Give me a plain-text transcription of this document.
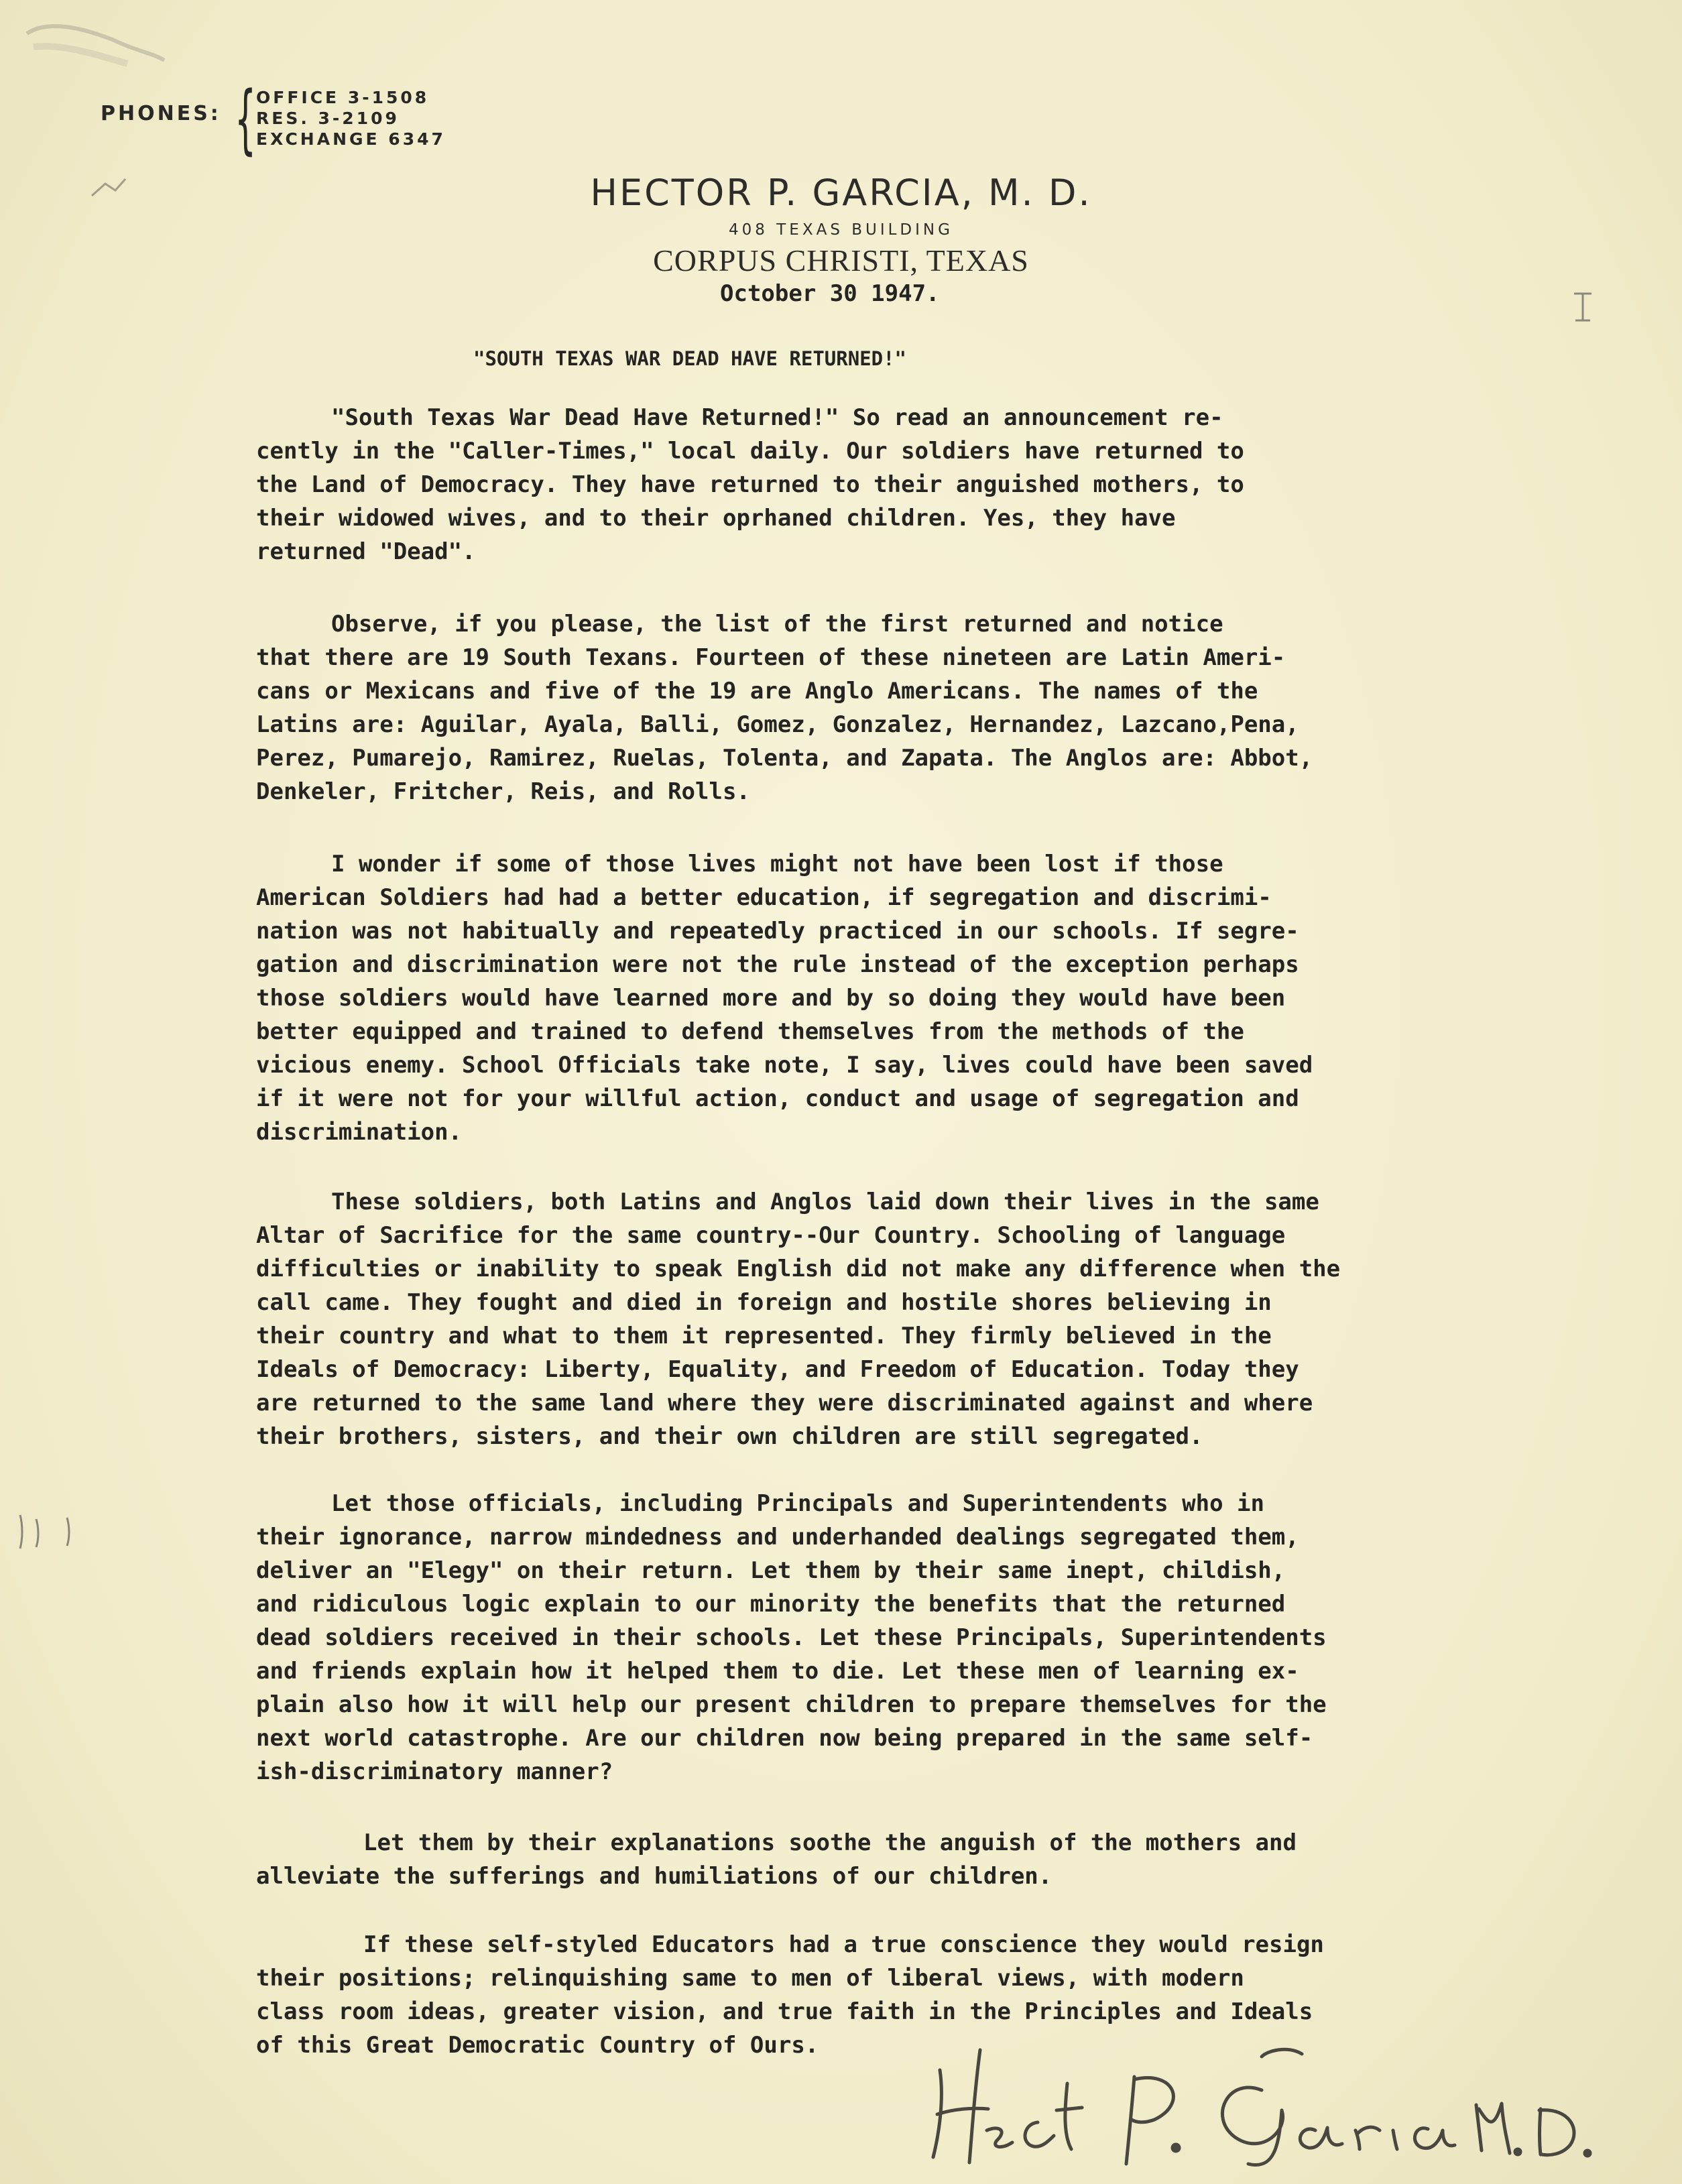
PHONES: { OFFICE 3-1508
RES. 3-2109
EXCHANGE 6347
HECTOR P. GARCIA, M. D.
408 TEXAS BUILDING
CORPUS CHRISTI, TEXAS
October 30 1947.
"SOUTH TEXAS WAR DEAD HAVE RETURNED!"
"South Texas War Dead Have Returned!" So read an announcement re-
cently in the "Caller-Times," local daily. Our soldiers have returned to
the Land of Democracy. They have returned to their anguished mothers, to
their widowed wives, and to their oprhaned children. Yes, they have
returned "Dead".
Observe, if you please, the list of the first returned and notice
that there are 19 South Texans. Fourteen of these nineteen are Latin Ameri-
cans or Mexicans and five of the 19 are Anglo Americans. The names of the
Latins are: Aguilar, Ayala, Balli, Gomez, Gonzalez, Hernandez, Lazcano,Pena,
Perez, Pumarejo, Ramirez, Ruelas, Tolenta, and Zapata. The Anglos are: Abbot,
Denkeler, Fritcher, Reis, and Rolls.
I wonder if some of those lives might not have been lost if those
American Soldiers had had a better education, if segregation and discrimi-
nation was not habitually and repeatedly practiced in our schools. If segre-
gation and discrimination were not the rule instead of the exception perhaps
those soldiers would have learned more and by so doing they would have been
better equipped and trained to defend themselves from the methods of the
vicious enemy. School Officials take note, I say, lives could have been saved
if it were not for your willful action, conduct and usage of segregation and
discrimination.
These soldiers, both Latins and Anglos laid down their lives in the same
Altar of Sacrifice for the same country--Our Country. Schooling of language
difficulties or inability to speak English did not make any difference when the
call came. They fought and died in foreign and hostile shores believing in
their country and what to them it represented. They firmly believed in the
Ideals of Democracy: Liberty, Equality, and Freedom of Education. Today they
are returned to the same land where they were discriminated against and where
their brothers, sisters, and their own children are still segregated.
Let those officials, including Principals and Superintendents who in
their ignorance, narrow mindedness and underhanded dealings segregated them,
deliver an "Elegy" on their return. Let them by their same inept, childish,
and ridiculous logic explain to our minority the benefits that the returned
dead soldiers received in their schools. Let these Principals, Superintendents
and friends explain how it helped them to die. Let these men of learning ex-
plain also how it will help our present children to prepare themselves for the
next world catastrophe. Are our children now being prepared in the same self-
ish-discriminatory manner?
Let them by their explanations soothe the anguish of the mothers and
alleviate the sufferings and humiliations of our children.
If these self-styled Educators had a true conscience they would resign
their positions; relinquishing same to men of liberal views, with modern
class room ideas, greater vision, and true faith in the Principles and Ideals
of this Great Democratic Country of Ours.
